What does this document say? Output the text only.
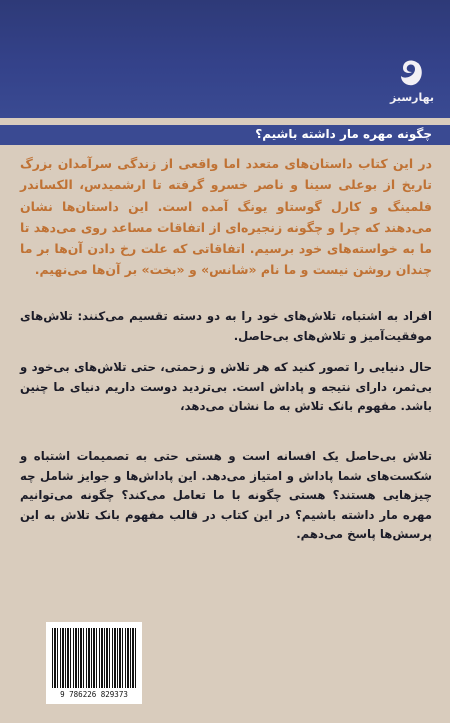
بهارسبز
چگونه مهره مار داشته باشیم؟
در این کتاب داستان‌های متعدد اما واقعی از زندگی سرآمدان بزرگ تاریخ از بوعلی سینا و ناصر خسرو گرفته تا ارشمیدس، الکساندر فلمینگ و کارل گوستاو یونگ آمده است. این داستان‌ها نشان می‌دهند که چرا و چگونه زنجیره‌ای از اتفاقات مساعد روی می‌دهد تا ما به خواسته‌های خود برسیم. اتفاقاتی که علت رخ دادن آن‌ها بر ما چندان روشن نیست و ما نام «شانس» و «بخت» بر آن‌ها می‌نهیم.
افراد به اشتباه، تلاش‌های خود را به دو دسته تقسیم می‌کنند: تلاش‌های موفقیت‌آمیز و تلاش‌های بی‌حاصل.
حال دنیایی را تصور کنید که هر تلاش و زحمتی، حتی تلاش‌های بی‌خود و بی‌ثمر، دارای نتیجه و پاداش است. بی‌تردید دوست داریم دنیای ما چنین باشد. مفهوم بانک تلاش به ما نشان می‌دهد،
تلاش بی‌حاصل یک افسانه است و هستی حتی به تصمیمات اشتباه و شکست‌های شما پاداش و امتیاز می‌دهد. این پاداش‌ها و جوایز شامل چه چیزهایی هستند؟ هستی چگونه با ما تعامل می‌کند؟ چگونه می‌توانیم مهره مار داشته باشیم؟ در این کتاب در قالب مفهوم بانک تلاش به این پرسش‌ها پاسخ می‌دهم.
9 786226 829373
